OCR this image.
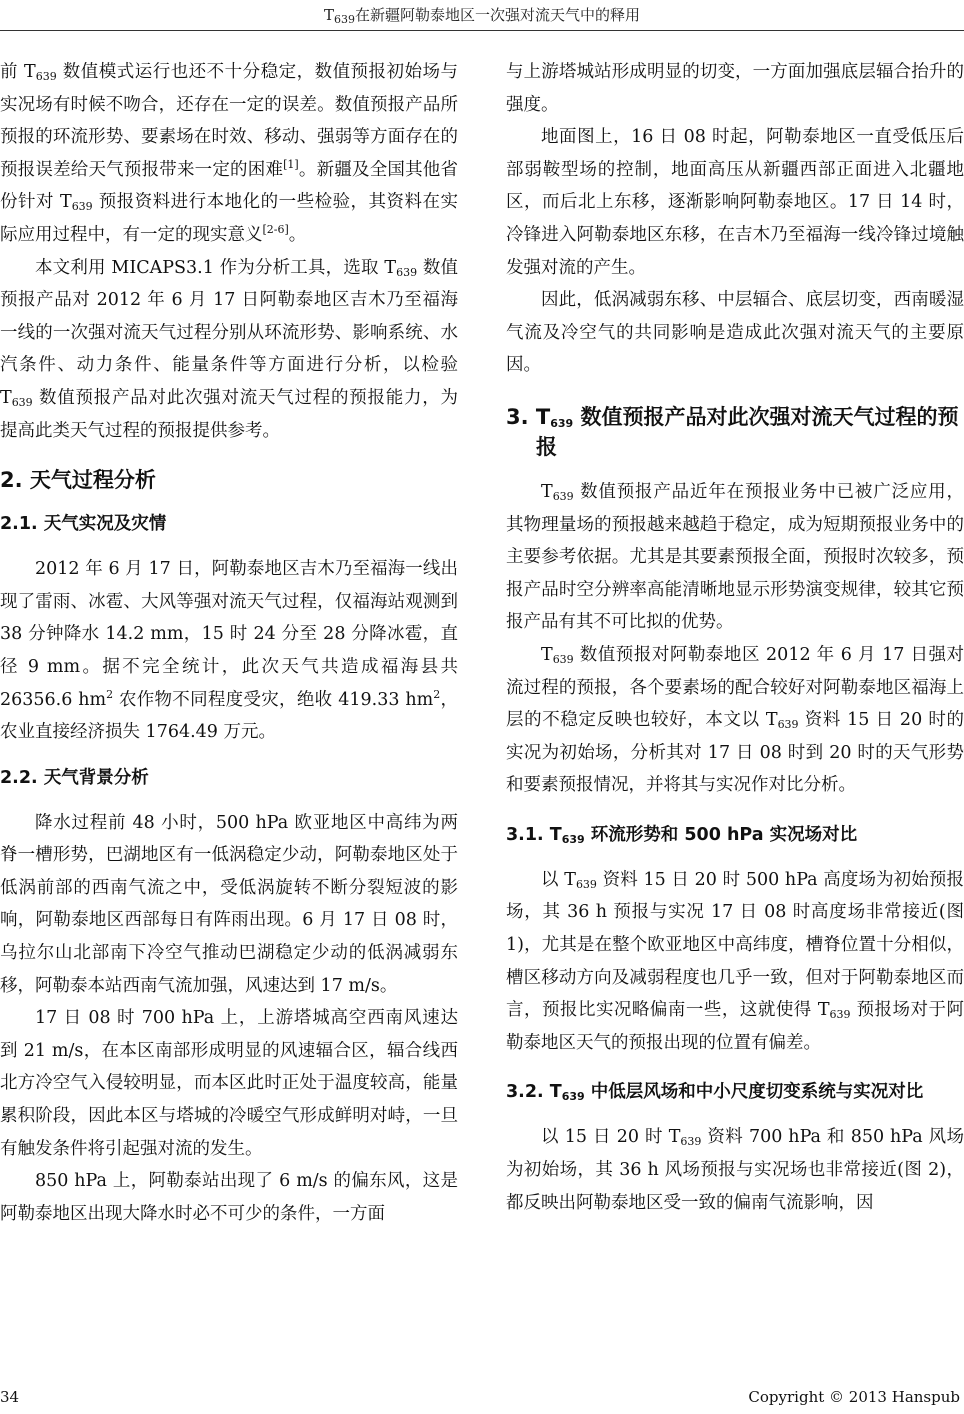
$T_{639}$在新疆阿勒泰地区一次强对流天气中的释用

前 $T_{639}$ 数值模式运行也还不十分稳定，数值预报初始场与实况场有时候不吻合，还存在一定的误差。数值预报产品所预报的环流形势、要素场在时效、移动、强弱等方面存在的预报误差给天气预报带来一定的困难[1]。新疆及全国其他省份针对 $T_{639}$ 预报资料进行本地化的一些检验，其资料在实际应用过程中，有一定的现实意义[2-6]。

本文利用 MICAPS3.1 作为分析工具，选取 $T_{639}$ 数值预报产品对 2012 年 6 月 17 日阿勒泰地区吉木乃至福海一线的一次强对流天气过程分别从环流形势、影响系统、水汽条件、动力条件、能量条件等方面进行分析，以检验 $T_{639}$ 数值预报产品对此次强对流天气过程的预报能力，为提高此类天气过程的预报提供参考。

2. 天气过程分析
2.1. 天气实况及灾情

2012 年 6 月 17 日，阿勒泰地区吉木乃至福海一线出现了雷雨、冰雹、大风等强对流天气过程，仅福海站观测到 38 分钟降水 14.2 mm，15 时 24 分至 28 分降冰雹，直径 9 mm。据不完全统计，此次天气共造成福海县共 26356.6 $hm^2$ 农作物不同程度受灾，绝收 419.33 $hm^2$，农业直接经济损失 1764.49 万元。

2.2. 天气背景分析

降水过程前 48 小时，500 hPa 欧亚地区中高纬为两脊一槽形势，巴湖地区有一低涡稳定少动，阿勒泰地区处于低涡前部的西南气流之中，受低涡旋转不断分裂短波的影响，阿勒泰地区西部每日有阵雨出现。6 月 17 日 08 时，乌拉尔山北部南下冷空气推动巴湖稳定少动的低涡减弱东移，阿勒泰本站西南气流加强，风速达到 17 m/s。

17 日 08 时 700 hPa 上，上游塔城高空西南风速达到 21 m/s，在本区南部形成明显的风速辐合区，辐合线西北方冷空气入侵较明显，而本区此时正处于温度较高，能量累积阶段，因此本区与塔城的冷暖空气形成鲜明对峙，一旦有触发条件将引起强对流的发生。

850 hPa 上，阿勒泰站出现了 6 m/s 的偏东风，这是阿勒泰地区出现大降水时必不可少的条件，一方面

与上游塔城站形成明显的切变，一方面加强底层辐合抬升的强度。

地面图上，16 日 08 时起，阿勒泰地区一直受低压后部弱鞍型场的控制，地面高压从新疆西部正面进入北疆地区，而后北上东移，逐渐影响阿勒泰地区。17 日 14 时，冷锋进入阿勒泰地区东移，在吉木乃至福海一线冷锋过境触发强对流的产生。

因此，低涡减弱东移、中层辐合、底层切变，西南暖湿气流及冷空气的共同影响是造成此次强对流天气的主要原因。

3. $T_{639}$ 数值预报产品对此次强对流天气过程的预报

$T_{639}$ 数值预报产品近年在预报业务中已被广泛应用，其物理量场的预报越来越趋于稳定，成为短期预报业务中的主要参考依据。尤其是其要素预报全面，预报时次较多，预报产品时空分辨率高能清晰地显示形势演变规律，较其它预报产品有其不可比拟的优势。

$T_{639}$ 数值预报对阿勒泰地区 2012 年 6 月 17 日强对流过程的预报，各个要素场的配合较好对阿勒泰地区福海上层的不稳定反映也较好，本文以 $T_{639}$ 资料 15 日 20 时的实况为初始场，分析其对 17 日 08 时到 20 时的天气形势和要素预报情况，并将其与实况作对比分析。

3.1. $T_{639}$ 环流形势和 500 hPa 实况场对比

以 $T_{639}$ 资料 15 日 20 时 500 hPa 高度场为初始预报场，其 36 h 预报与实况 17 日 08 时高度场非常接近(图 1)，尤其是在整个欧亚地区中高纬度，槽脊位置十分相似，槽区移动方向及减弱程度也几乎一致，但对于阿勒泰地区而言，预报比实况略偏南一些，这就使得 $T_{639}$ 预报场对于阿勒泰地区天气的预报出现的位置有偏差。

3.2. $T_{639}$ 中低层风场和中小尺度切变系统与实况对比

以 15 日 20 时 $T_{639}$ 资料 700 hPa 和 850 hPa 风场为初始场，其 36 h 风场预报与实况场也非常接近(图 2)，都反映出阿勒泰地区受一致的偏南气流影响，因

34	Copyright © 2013 Hanspub
